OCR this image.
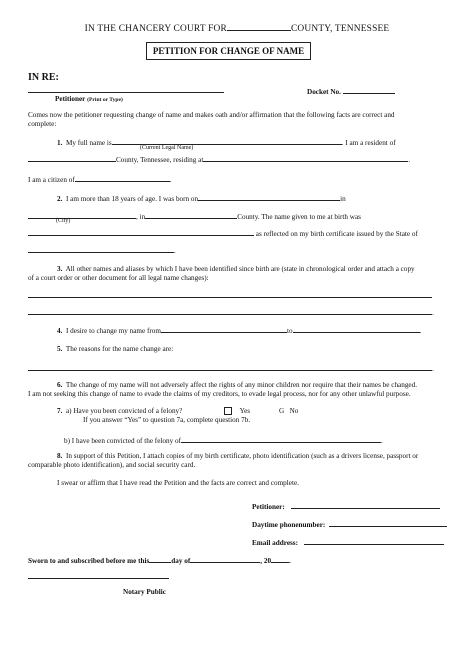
IN THE CHANCERY COURT FOR	COUNTY, TENNESSEE
PETITION FOR CHANGE OF NAME
IN RE:
Docket No.
Petitioner (Print or Type)
Comes now the petitioner requesting change of name and makes oath and/or affirmation that the following facts are correct and
complete:
1. My full name is	. I am a resident of
(Current Legal Name)
County, Tennessee, residing at	.
I am a citizen of	.
2. I am more than 18 years of age. I was born on	in
, in	County. The name given to me at birth was
(City)
as reflected on my birth certificate issued by the State of
.
3. All other names and aliases by which I have been identified since birth are (state in chronological order and attach a copy
of a court order or other document for all legal name changes):
.
4. I desire to change my name from	to	.
5. The reasons for the name change are:
.
6. The change of my name will not adversely affect the rights of any minor children nor require that their names be changed.
I am not seeking this change of name to evade the claims of my creditors, to evade legal process, nor for any other unlawful purpose.
7. a) Have you been convicted of a felony?	Yes	G No
If you answer “Yes” to question 7a, complete question 7b.
b) I have been convicted of the felony of	.
8. In support of this Petition, I attach copies of my birth certificate, photo identification (such as a drivers license, passport or
comparable photo identification), and social security card.
I swear or affirm that I have read the Petition and the facts are correct and complete.
Petitioner:
Daytime phonenumber:
Email address:
Sworn to and subscribed before me this	day of	, 20	.
Notary Public
